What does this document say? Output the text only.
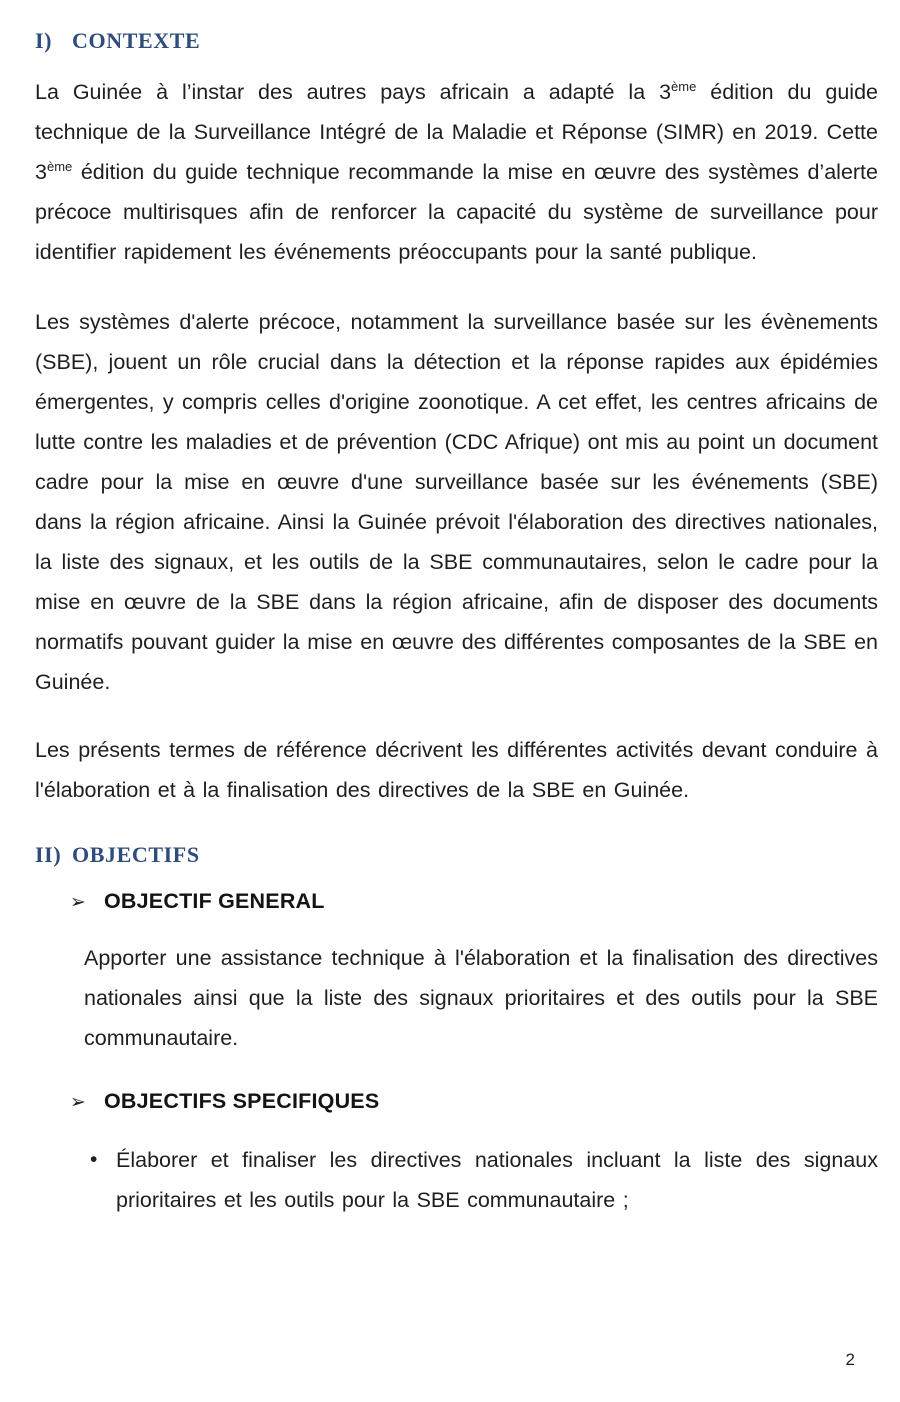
I) CONTEXTE

La Guinée à l’instar des autres pays africain a adapté la 3ème édition du guide technique de la Surveillance Intégré de la Maladie et Réponse (SIMR) en 2019. Cette 3ème édition du guide technique recommande la mise en œuvre des systèmes d’alerte précoce multirisques afin de renforcer la capacité du système de surveillance pour identifier rapidement les événements préoccupants pour la santé publique.

Les systèmes d'alerte précoce, notamment la surveillance basée sur les évènements (SBE), jouent un rôle crucial dans la détection et la réponse rapides aux épidémies émergentes, y compris celles d'origine zoonotique. A cet effet, les centres africains de lutte contre les maladies et de prévention (CDC Afrique) ont mis au point un document cadre pour la mise en œuvre d'une surveillance basée sur les événements (SBE) dans la région africaine. Ainsi la Guinée prévoit l'élaboration des directives nationales, la liste des signaux, et les outils de la SBE communautaires, selon le cadre pour la mise en œuvre de la SBE dans la région africaine, afin de disposer des documents normatifs pouvant guider la mise en œuvre des différentes composantes de la SBE en Guinée.

Les présents termes de référence décrivent les différentes activités devant conduire à l'élaboration et à la finalisation des directives de la SBE en Guinée.

II) OBJECTIFS
➢ OBJECTIF GENERAL

Apporter une assistance technique à l'élaboration et la finalisation des directives nationales ainsi que la liste des signaux prioritaires et des outils pour la SBE communautaire.

➢ OBJECTIFS SPECIFIQUES
• Élaborer et finaliser les directives nationales incluant la liste des signaux prioritaires et les outils pour la SBE communautaire ;
2
